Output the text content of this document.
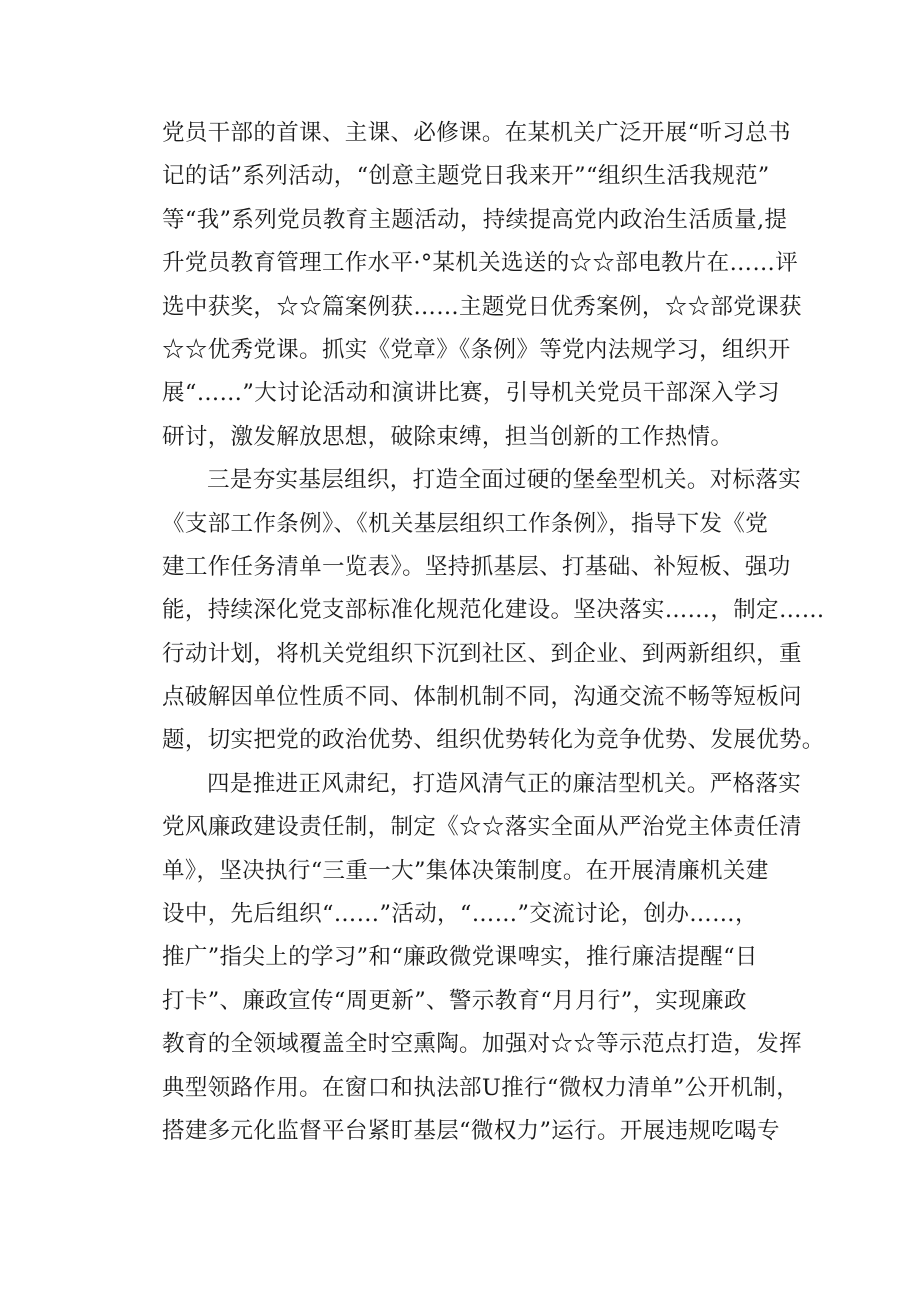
党员干部的首课、主课、必修课。在某机关广泛开展“听习总书
记的话”系列活动，“创意主题党日我来开”“组织生活我规范”
等“我”系列党员教育主题活动，持续提高党内政治生活质量,提
升党员教育管理工作水平·°某机关选送的☆☆部电教片在……评
选中获奖，☆☆篇案例获……主题党日优秀案例，☆☆部党课获
☆☆优秀党课。抓实《党章》《条例》等党内法规学习，组织开
展“……”大讨论活动和演讲比赛，引导机关党员干部深入学习
研讨，激发解放思想，破除束缚，担当创新的工作热情。
三是夯实基层组织，打造全面过硬的堡垒型机关。对标落实
《支部工作条例》、《机关基层组织工作条例》，指导下发《党
建工作任务清单一览表》。坚持抓基层、打基础、补短板、强功
能，持续深化党支部标准化规范化建设。坚决落实……，制定……
行动计划，将机关党组织下沉到社区、到企业、到两新组织，重
点破解因单位性质不同、体制机制不同，沟通交流不畅等短板问
题，切实把党的政治优势、组织优势转化为竞争优势、发展优势。
四是推进正风肃纪，打造风清气正的廉洁型机关。严格落实
党风廉政建设责任制，制定《☆☆落实全面从严治党主体责任清
单》，坚决执行“三重一大”集体决策制度。在开展清廉机关建
设中，先后组织“……”活动，“……”交流讨论，创办……，
推广”指尖上的学习”和“廉政微党课啤实，推行廉洁提醒“日
打卡”、廉政宣传“周更新”、警示教育“月月行”，实现廉政
教育的全领域覆盖全时空熏陶。加强对☆☆等示范点打造，发挥
典型领路作用。在窗口和执法部U推行“微权力清单”公开机制，
搭建多元化监督平台紧盯基层“微权力”运行。开展违规吃喝专
